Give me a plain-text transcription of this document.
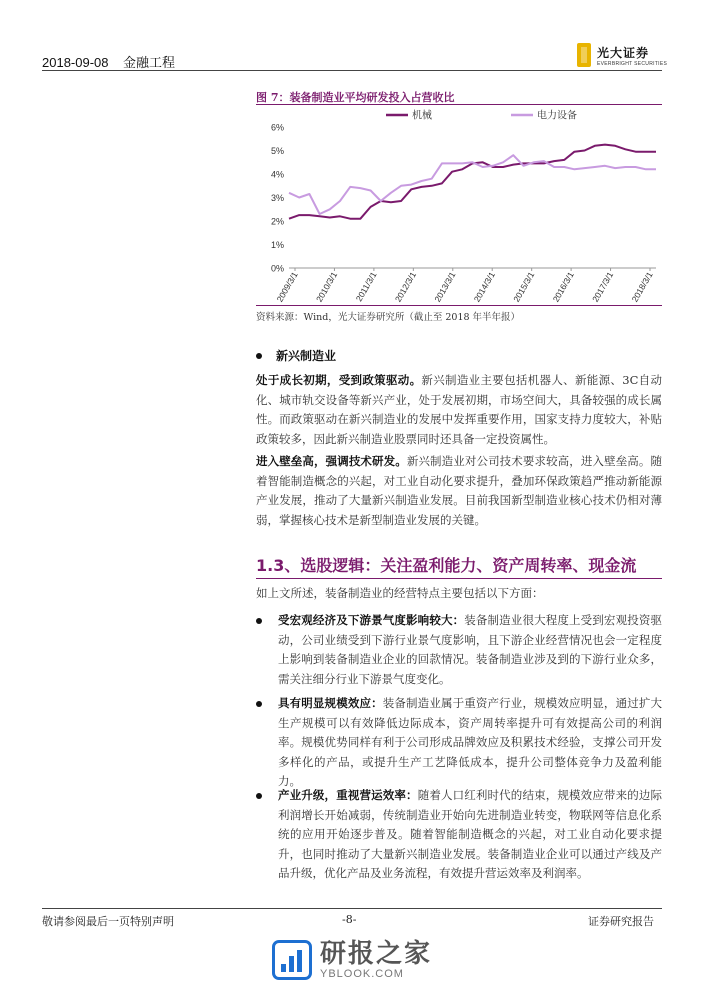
2018-09-08 金融工程
光大证券
EVERBRIGHT SECURITIES
图 7：装备制造业平均研发投入占营收比
0%
1%
2%
3%
4%
5%
6%
2009/3/1 2010/3/1 2011/3/1 2012/3/1 2013/3/1 2014/3/1 2015/3/1 2016/3/1 2017/3/1 2018/3/1
机械	电力设备
资料来源：Wind，光大证券研究所（截止至 2018 年半年报）
新兴制造业
处于成长初期，受到政策驱动。新兴制造业主要包括机器人、新能源、3C自动化、城市轨交设备等新兴产业，处于发展初期，市场空间大，具备较强的成长属性。而政策驱动在新兴制造业的发展中发挥重要作用，国家支持力度较大，补贴政策较多，因此新兴制造业股票同时还具备一定投资属性。
进入壁垒高，强调技术研发。新兴制造业对公司技术要求较高，进入壁垒高。随着智能制造概念的兴起，对工业自动化要求提升，叠加环保政策趋严推动新能源产业发展，推动了大量新兴制造业发展。目前我国新型制造业核心技术仍相对薄弱，掌握核心技术是新型制造业发展的关键。
1.3、选股逻辑：关注盈利能力、资产周转率、现金流
如上文所述，装备制造业的经营特点主要包括以下方面：
受宏观经济及下游景气度影响较大：装备制造业很大程度上受到宏观投资驱动，公司业绩受到下游行业景气度影响，且下游企业经营情况也会一定程度上影响到装备制造业企业的回款情况。装备制造业涉及到的下游行业众多，需关注细分行业下游景气度变化。
具有明显规模效应：装备制造业属于重资产行业，规模效应明显，通过扩大生产规模可以有效降低边际成本，资产周转率提升可有效提高公司的利润率。规模优势同样有利于公司形成品牌效应及积累技术经验，支撑公司开发多样化的产品，或提升生产工艺降低成本，提升公司整体竞争力及盈利能力。
产业升级，重视营运效率：随着人口红利时代的结束，规模效应带来的边际利润增长开始减弱，传统制造业开始向先进制造业转变，物联网等信息化系统的应用开始逐步普及。随着智能制造概念的兴起，对工业自动化要求提升，也同时推动了大量新兴制造业发展。装备制造业企业可以通过产线及产品升级，优化产品及业务流程，有效提升营运效率及利润率。
敬请参阅最后一页特别声明	-8-	证券研究报告
研报之家
YBLOOK.COM
